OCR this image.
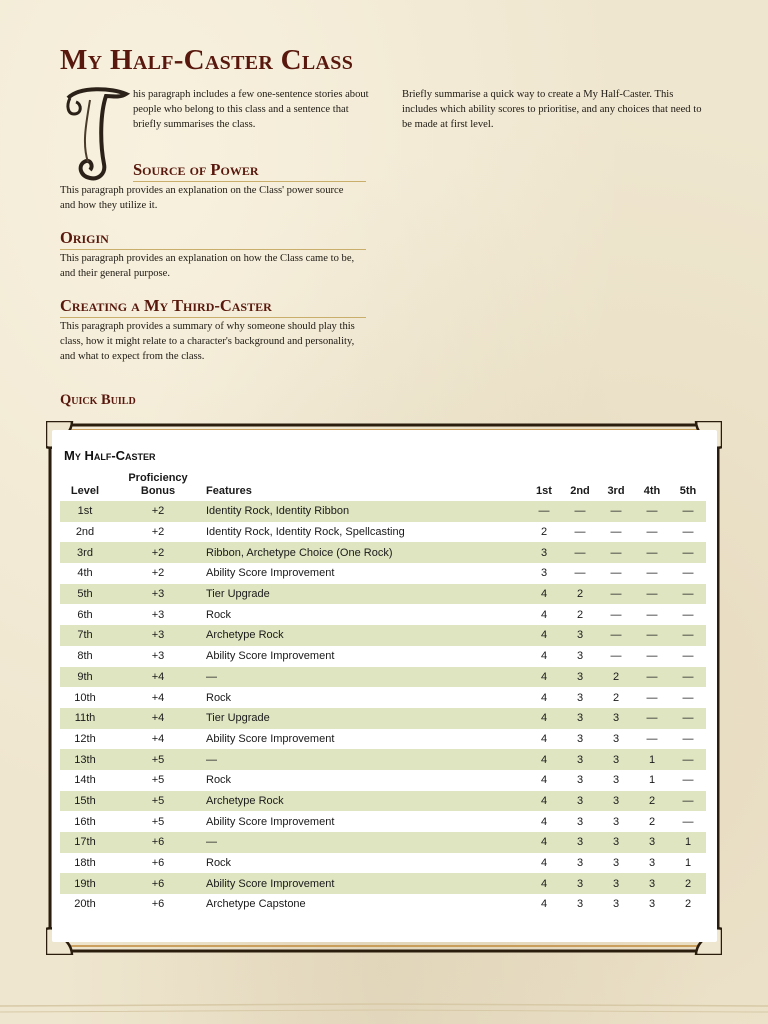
My Half-Caster Class

his paragraph includes a few one-sentence stories about people who belong to this class and a sentence that briefly summarises the class.

Briefly summarise a quick way to create a My Half-Caster. This includes which ability scores to prioritise, and any choices that need to be made at first level.

Source of Power

This paragraph provides an explanation on the Class' power source and how they utilize it.

Origin

This paragraph provides an explanation on how the Class came to be, and their general purpose.

Creating a My Third-Caster

This paragraph provides a summary of why someone should play this class, how it might relate to a character's background and personality, and what to expect from the class.

Quick Build
My Half-Caster
Level	Proficiency Bonus	Features	1st	2nd	3rd	4th	5th
1st	+2	Identity Rock, Identity Ribbon	—	—	—	—	—
2nd	+2	Identity Rock, Identity Rock, Spellcasting	2	—	—	—	—
3rd	+2	Ribbon, Archetype Choice (One Rock)	3	—	—	—	—
4th	+2	Ability Score Improvement	3	—	—	—	—
5th	+3	Tier Upgrade	4	2	—	—	—
6th	+3	Rock	4	2	—	—	—
7th	+3	Archetype Rock	4	3	—	—	—
8th	+3	Ability Score Improvement	4	3	—	—	—
9th	+4	—	4	3	2	—	—
10th	+4	Rock	4	3	2	—	—
11th	+4	Tier Upgrade	4	3	3	—	—
12th	+4	Ability Score Improvement	4	3	3	—	—
13th	+5	—	4	3	3	1	—
14th	+5	Rock	4	3	3	1	—
15th	+5	Archetype Rock	4	3	3	2	—
16th	+5	Ability Score Improvement	4	3	3	2	—
17th	+6	—	4	3	3	3	1
18th	+6	Rock	4	3	3	3	1
19th	+6	Ability Score Improvement	4	3	3	3	2
20th	+6	Archetype Capstone	4	3	3	3	2
